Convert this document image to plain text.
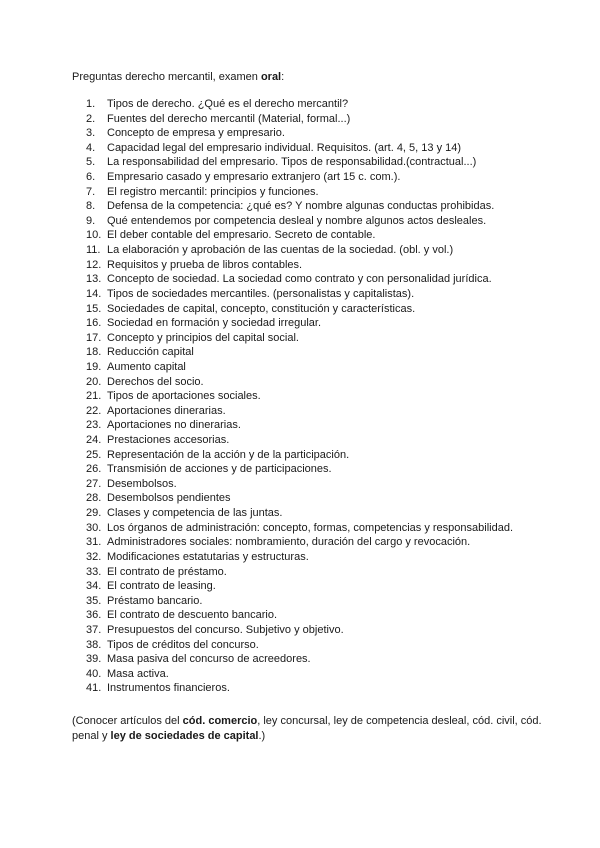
Preguntas derecho mercantil, examen oral:
1.	Tipos de derecho. ¿Qué es el derecho mercantil?
2.	Fuentes del derecho mercantil (Material, formal...)
3.	Concepto de empresa y empresario.
4.	Capacidad legal del empresario individual. Requisitos. (art. 4, 5, 13 y 14)
5.	La responsabilidad del empresario. Tipos de responsabilidad.(contractual...)
6.	Empresario casado y empresario extranjero (art 15 c. com.).
7.	El registro mercantil: principios y funciones.
8.	Defensa de la competencia: ¿qué es? Y nombre algunas conductas prohibidas.
9.	Qué entendemos por competencia desleal y nombre algunos actos desleales.
10. El deber contable del empresario. Secreto de contable.
11. La elaboración y aprobación de las cuentas de la sociedad. (obl. y vol.)
12. Requisitos y prueba de libros contables.
13. Concepto de sociedad. La sociedad como contrato y con personalidad jurídica.
14. Tipos de sociedades mercantiles. (personalistas y capitalistas).
15. Sociedades de capital, concepto, constitución y características.
16. Sociedad en formación y sociedad irregular.
17. Concepto y principios del capital social.
18. Reducción capital
19. Aumento capital
20. Derechos del socio.
21. Tipos de aportaciones sociales.
22. Aportaciones dinerarias.
23. Aportaciones no dinerarias.
24. Prestaciones accesorias.
25. Representación de la acción y de la participación.
26. Transmisión de acciones y de participaciones.
27. Desembolsos.
28. Desembolsos pendientes
29. Clases y competencia de las juntas.
30. Los órganos de administración: concepto, formas, competencias y responsabilidad.
31. Administradores sociales: nombramiento, duración del cargo y revocación.
32. Modificaciones estatutarias y estructuras.
33. El contrato de préstamo.
34. El contrato de leasing.
35. Préstamo bancario.
36. El contrato de descuento bancario.
37. Presupuestos del concurso. Subjetivo y objetivo.
38. Tipos de créditos del concurso.
39. Masa pasiva del concurso de acreedores.
40. Masa activa.
41. Instrumentos financieros.
(Conocer artículos del cód. comercio, ley concursal, ley de competencia desleal, cód. civil, cód. penal y ley de sociedades de capital.)
